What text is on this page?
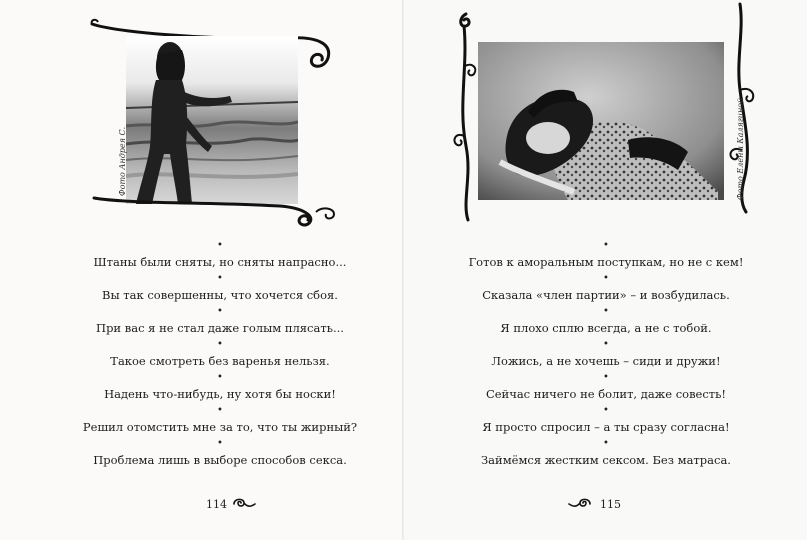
Фото Андрея С.
•
Штаны были сняты, но сняты напрасно...
•
Вы так совершенны, что хочется сбоя.
•
При вас я не стал даже голым плясать...
•
Такое смотреть без варенья нельзя.
•
Надень что-нибудь, ну хотя бы носки!
•
Решил отомстить мне за то, что ты жирный?
•
Проблема лишь в выборе способов секса.
114
Фото Елены Калягиной
•
Готов к аморальным поступкам, но не с кем!
•
Сказала «член партии» – и возбудилась.
•
Я плохо сплю всегда, а не с тобой.
•
Ложись, а не хочешь – сиди и дружи!
•
Сейчас ничего не болит, даже совесть!
•
Я просто спросил – а ты сразу согласна!
•
Займёмся жестким сексом. Без матраса.
115
